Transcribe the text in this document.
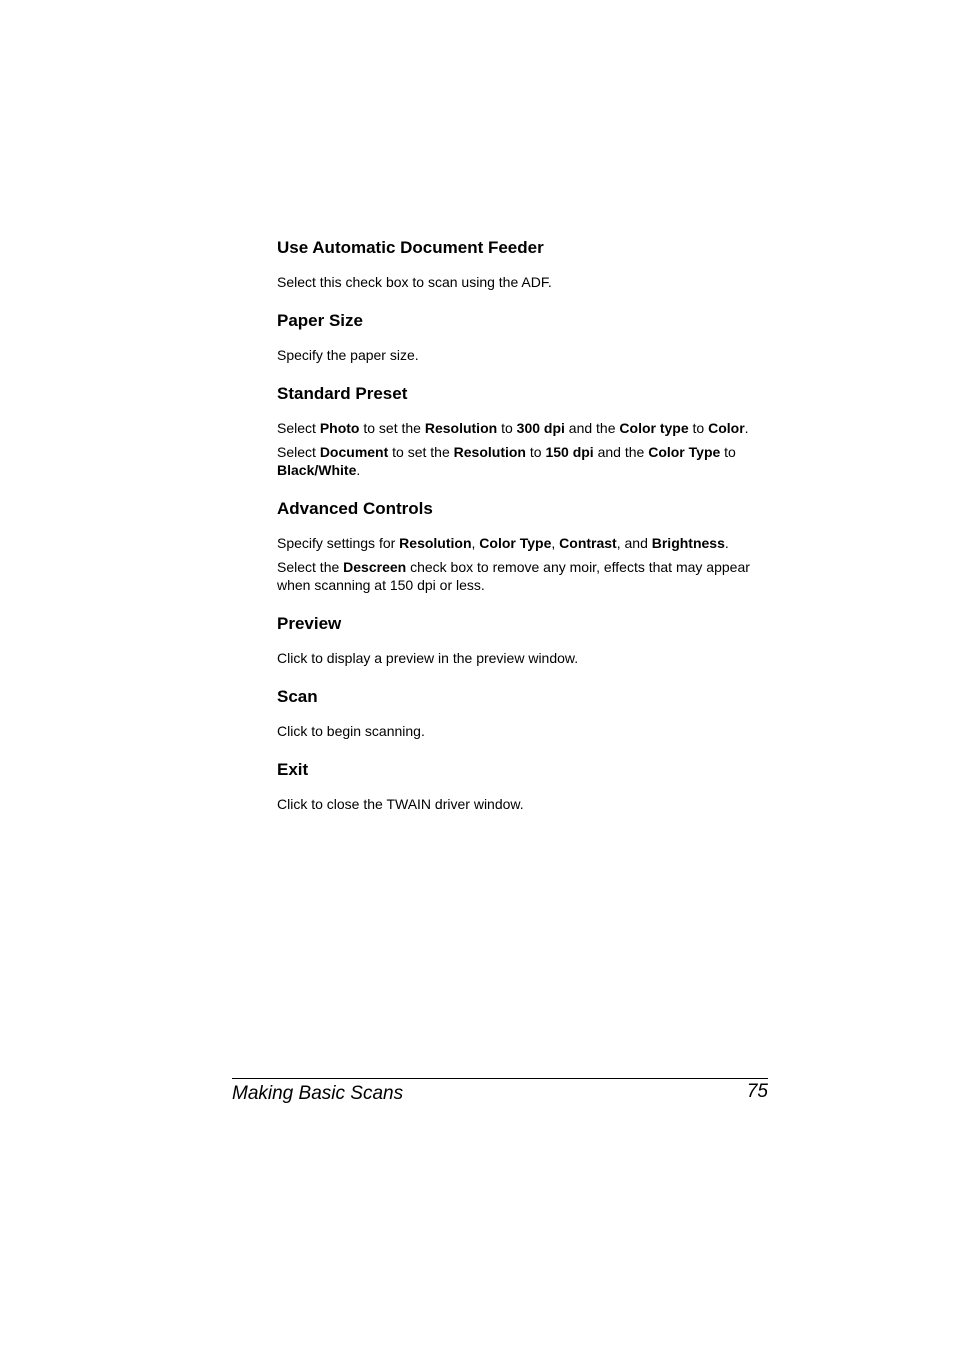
Use Automatic Document Feeder

Select this check box to scan using the ADF.

Paper Size

Specify the paper size.

Standard Preset

Select Photo to set the Resolution to 300 dpi and the Color type to Color.

Select Document to set the Resolution to 150 dpi and the Color Type to Black/White.

Advanced Controls

Specify settings for Resolution, Color Type, Contrast, and Brightness.

Select the Descreen check box to remove any moir, effects that may appear when scanning at 150 dpi or less.

Preview

Click to display a preview in the preview window.

Scan

Click to begin scanning.

Exit

Click to close the TWAIN driver window.

Making Basic Scans	75
